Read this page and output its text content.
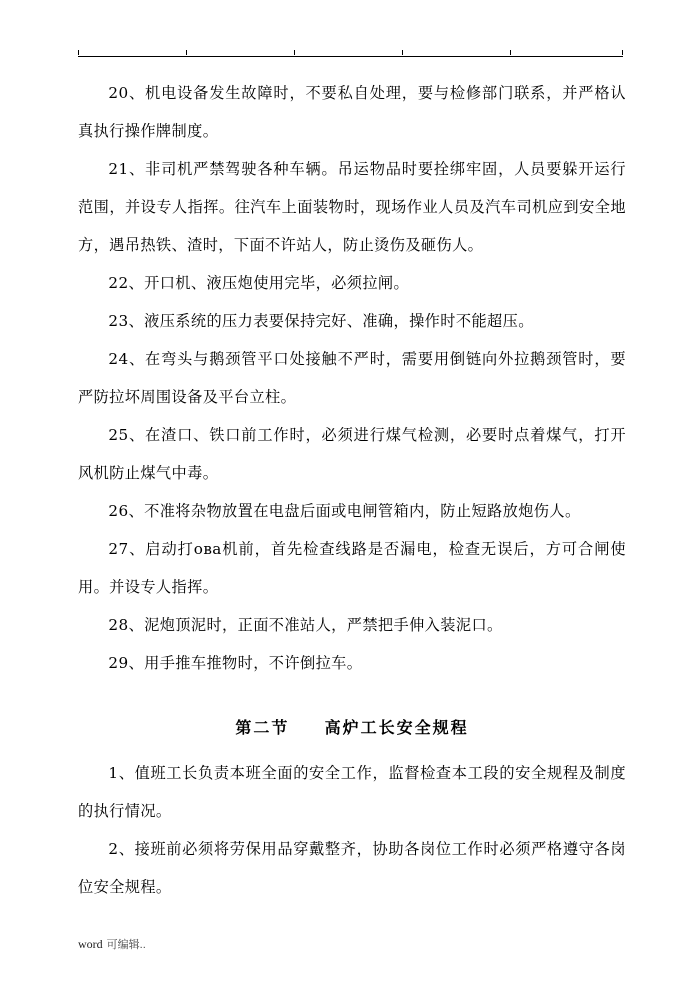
20、机电设备发生故障时，不要私自处理，要与检修部门联系，并严格认真执行操作牌制度。

21、非司机严禁驾驶各种车辆。吊运物品时要拴绑牢固，人员要躲开运行范围，并设专人指挥。往汽车上面装物时，现场作业人员及汽车司机应到安全地方，遇吊热铁、渣时，下面不许站人，防止烫伤及砸伤人。

22、开口机、液压炮使用完毕，必须拉闸。

23、液压系统的压力表要保持完好、准确，操作时不能超压。

24、在弯头与鹅颈管平口处接触不严时，需要用倒链向外拉鹅颈管时，要严防拉坏周围设备及平台立柱。

25、在渣口、铁口前工作时，必须进行煤气检测，必要时点着煤气，打开风机防止煤气中毒。

26、不准将杂物放置在电盘后面或电闸管箱内，防止短路放炮伤人。

27、启动打ова机前，首先检查线路是否漏电，检查无误后，方可合闸使用。并设专人指挥。

28、泥炮顶泥时，正面不准站人，严禁把手伸入装泥口。

29、用手推车推物时，不许倒拉车。

第二节 高炉工长安全规程

1、值班工长负责本班全面的安全工作，监督检查本工段的安全规程及制度的执行情况。

2、接班前必须将劳保用品穿戴整齐，协助各岗位工作时必须严格遵守各岗位安全规程。

word 可编辑..
